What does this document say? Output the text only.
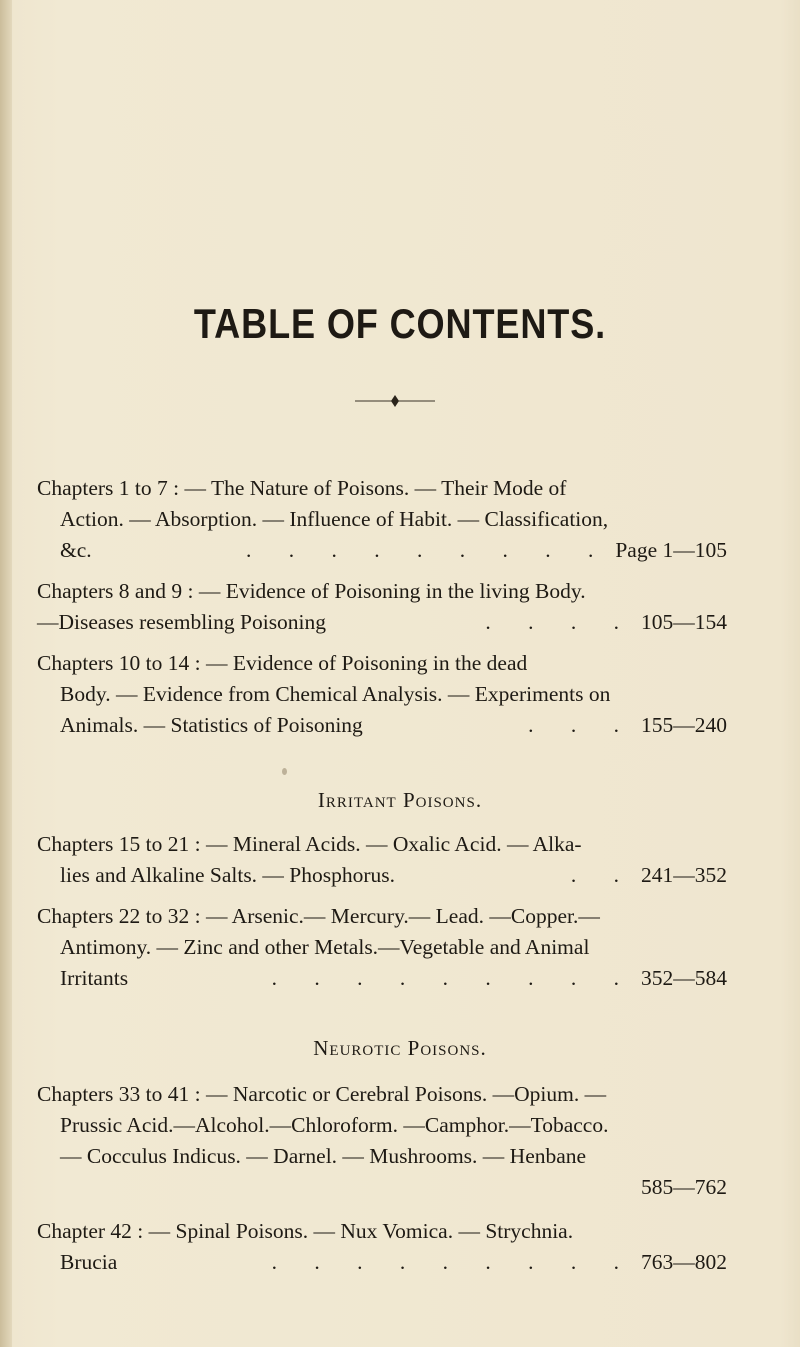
TABLE OF CONTENTS.
Chapters 1 to 7 : — The Nature of Poisons. — Their Mode of
Action. — Absorption. — Influence of Habit. — Classification,
&c.	. . . . . . . . . Page 1—105
Chapters 8 and 9 : — Evidence of Poisoning in the living Body.
—Diseases resembling Poisoning	. . . . 105—154
Chapters 10 to 14 : — Evidence of Poisoning in the dead
Body. — Evidence from Chemical Analysis. — Experiments on
Animals. — Statistics of Poisoning	. . . 155—240
Irritant Poisons.
Chapters 15 to 21 : — Mineral Acids. — Oxalic Acid. — Alka-
lies and Alkaline Salts. — Phosphorus.	. . 241—352
Chapters 22 to 32 : — Arsenic.— Mercury.— Lead. —Copper.—
Antimony. — Zinc and other Metals.—Vegetable and Animal
Irritants	. . . . . . . . . 352—584
Neurotic Poisons.
Chapters 33 to 41 : — Narcotic or Cerebral Poisons. —Opium. —
Prussic Acid.—Alcohol.—Chloroform. —Camphor.—Tobacco.
— Cocculus Indicus. — Darnel. — Mushrooms. — Henbane
585—762
Chapter 42 : — Spinal Poisons. — Nux Vomica. — Strychnia.
Brucia	. . . . . . . . . 763—802
